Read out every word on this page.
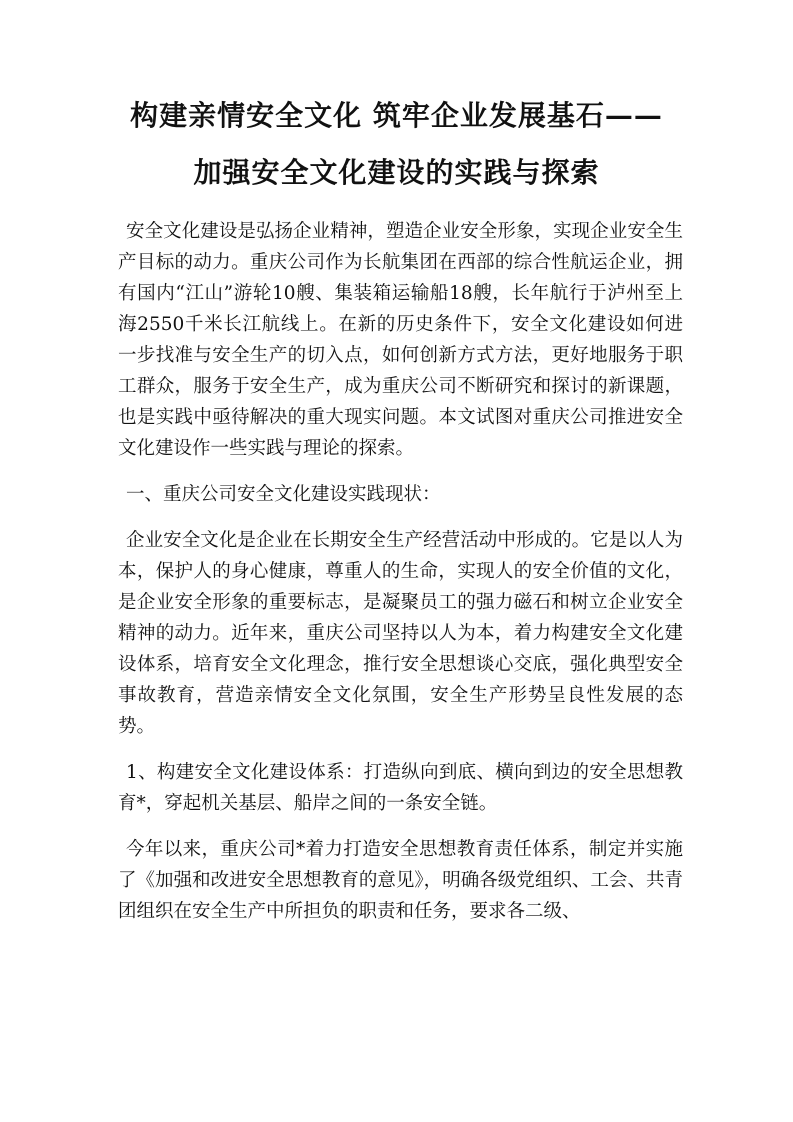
构建亲情安全文化 筑牢企业发展基石——
加强安全文化建设的实践与探索

安全文化建设是弘扬企业精神，塑造企业安全形象，实现企业安全生产目标的动力。重庆公司作为长航集团在西部的综合性航运企业，拥有国内“江山”游轮10艘、集装箱运输船18艘，长年航行于泸州至上海2550千米长江航线上。在新的历史条件下，安全文化建设如何进一步找准与安全生产的切入点，如何创新方式方法，更好地服务于职工群众，服务于安全生产，成为重庆公司不断研究和探讨的新课题，也是实践中亟待解决的重大现实问题。本文试图对重庆公司推进安全文化建设作一些实践与理论的探索。

一、重庆公司安全文化建设实践现状：

企业安全文化是企业在长期安全生产经营活动中形成的。它是以人为本，保护人的身心健康，尊重人的生命，实现人的安全价值的文化，是企业安全形象的重要标志，是凝聚员工的强力磁石和树立企业安全精神的动力。近年来，重庆公司坚持以人为本，着力构建安全文化建设体系，培育安全文化理念，推行安全思想谈心交底，强化典型安全事故教育，营造亲情安全文化氛围，安全生产形势呈良性发展的态势。

1、构建安全文化建设体系：打造纵向到底、横向到边的安全思想教育*，穿起机关基层、船岸之间的一条安全链。

今年以来，重庆公司*着力打造安全思想教育责任体系，制定并实施了《加强和改进安全思想教育的意见》，明确各级党组织、工会、共青团组织在安全生产中所担负的职责和任务，要求各二级、
